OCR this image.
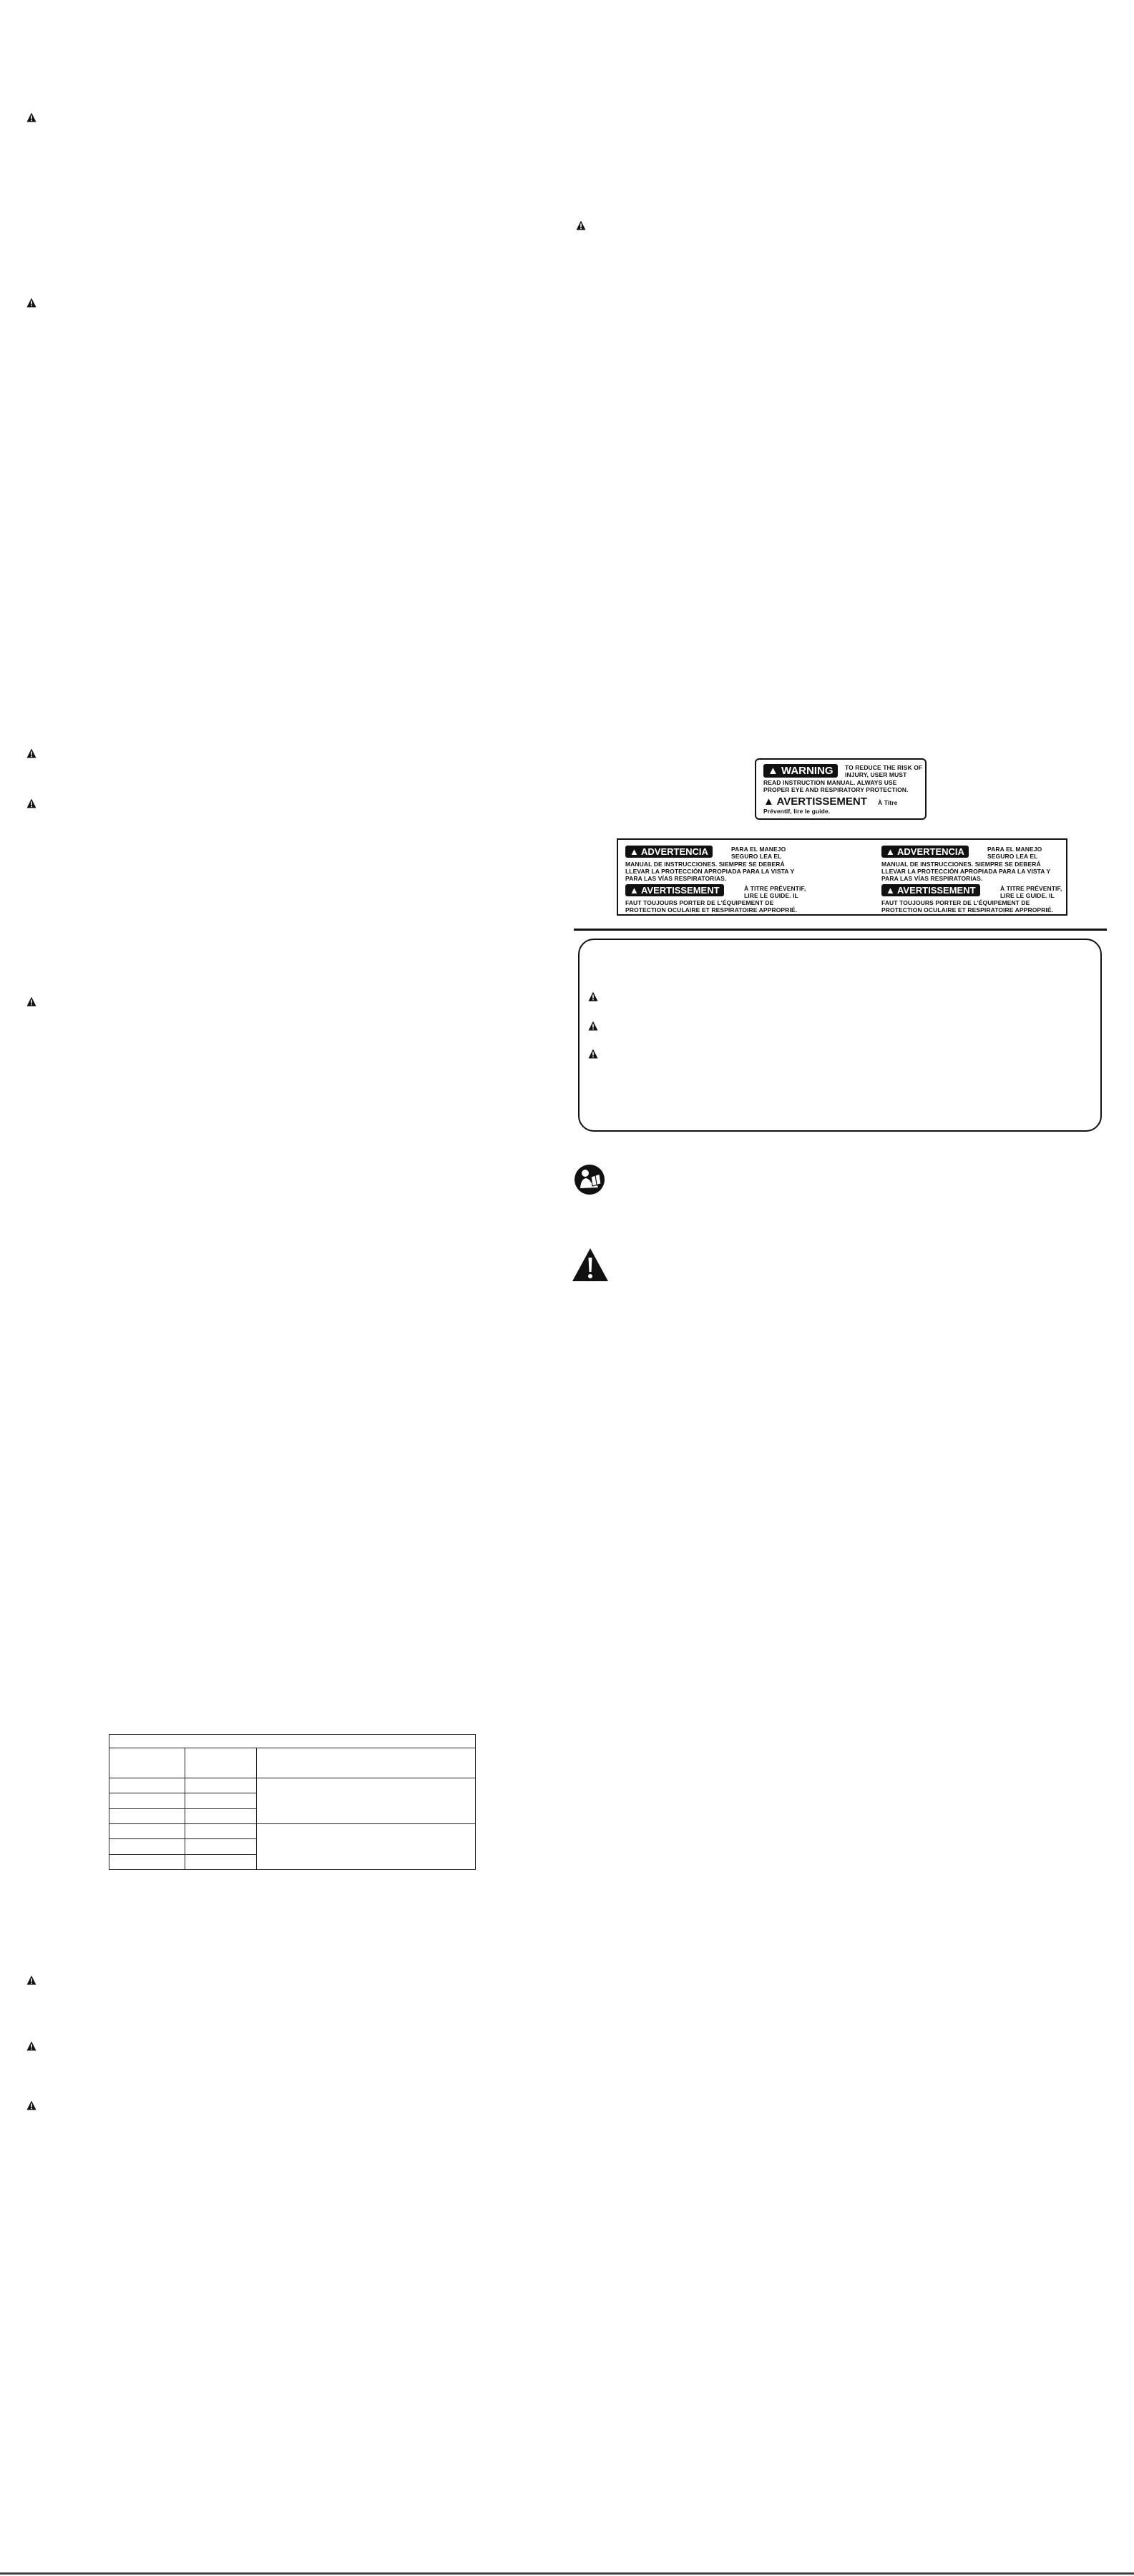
▲ WARNING	TO REDUCE THE RISK OF
INJURY, USER MUST
READ INSTRUCTION MANUAL. ALWAYS USE
PROPER EYE AND RESPIRATORY PROTECTION.
▲ AVERTISSEMENT À Titre
Préventif, lire le guide.
▲ ADVERTENCIA	PARA EL MANEJO
SEGURO LEA EL
MANUAL DE INSTRUCCIONES. SIEMPRE SE DEBERÁ
LLEVAR LA PROTECCIÓN APROPIADA PARA LA VISTA Y
PARA LAS VÍAS RESPIRATORIAS.
▲ AVERTISSEMENT	À TITRE PRÉVENTIF,
LIRE LE GUIDE. IL
FAUT TOUJOURS PORTER DE L'ÉQUIPEMENT DE
PROTECTION OCULAIRE ET RESPIRATOIRE APPROPRIÉ.
▲ ADVERTENCIA	PARA EL MANEJO
SEGURO LEA EL
MANUAL DE INSTRUCCIONES. SIEMPRE SE DEBERÁ
LLEVAR LA PROTECCIÓN APROPIADA PARA LA VISTA Y
PARA LAS VÍAS RESPIRATORIAS.
▲ AVERTISSEMENT	À TITRE PRÉVENTIF,
LIRE LE GUIDE. IL
FAUT TOUJOURS PORTER DE L'ÉQUIPEMENT DE
PROTECTION OCULAIRE ET RESPIRATOIRE APPROPRIÉ.
